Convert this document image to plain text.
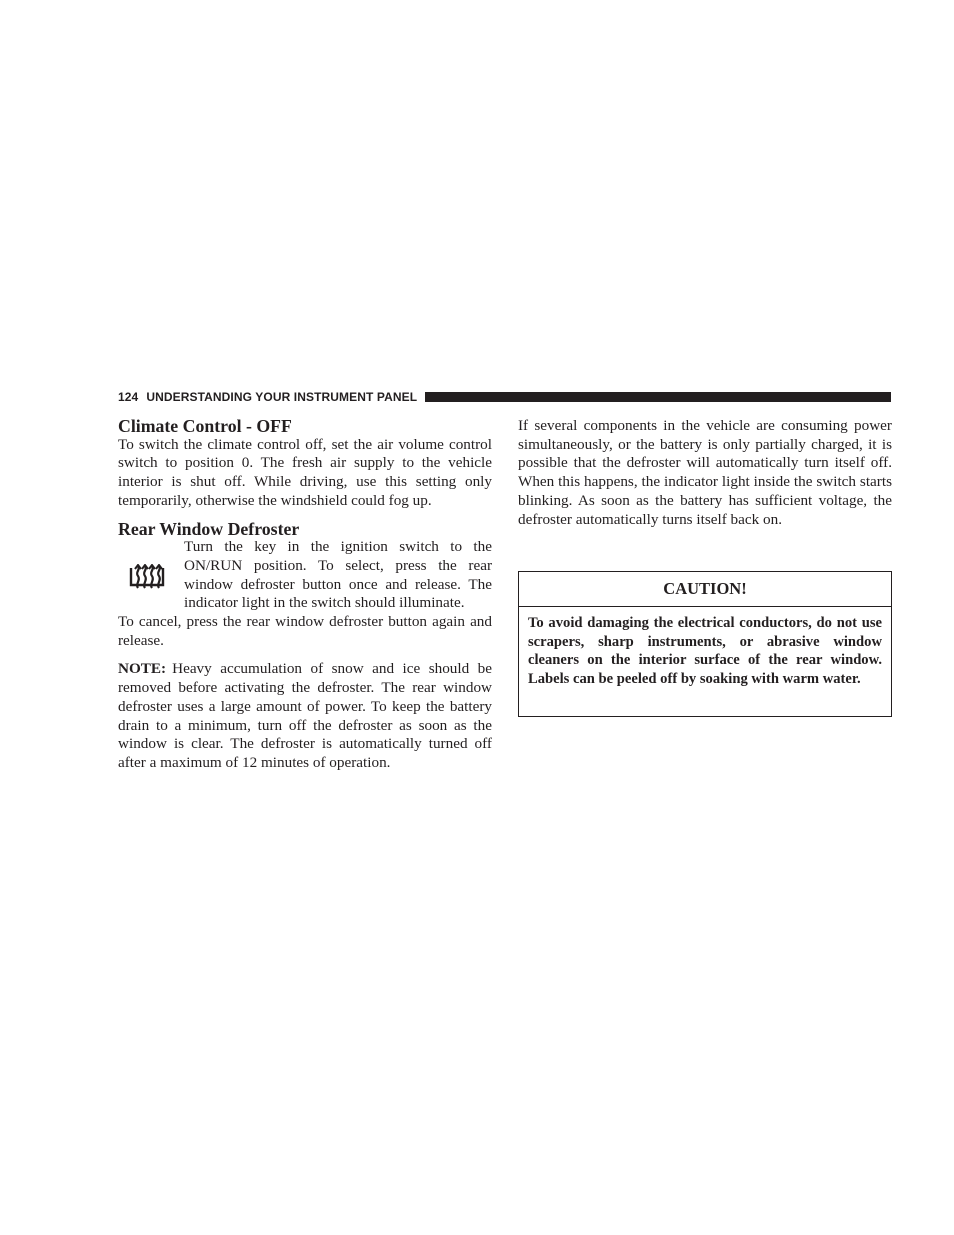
124 UNDERSTANDING YOUR INSTRUMENT PANEL
Climate Control - OFF

To switch the climate control off, set the air volume control switch to position 0. The fresh air supply to the vehicle interior is shut off. While driving, use this setting only temporarily, otherwise the windshield could fog up.

Rear Window Defroster
Turn the key in the ignition switch to the ON/RUN position. To select, press the rear window defroster button once and release. The indicator light in the switch should illuminate.

To cancel, press the rear window defroster button again and release.

NOTE: Heavy accumulation of snow and ice should be removed before activating the defroster. The rear window defroster uses a large amount of power. To keep the battery drain to a minimum, turn off the defroster as soon as the window is clear. The defroster is automatically turned off after a maximum of 12 minutes of operation.

If several components in the vehicle are consuming power simultaneously, or the battery is only partially charged, it is possible that the defroster will automatically turn itself off. When this happens, the indicator light inside the switch starts blinking. As soon as the battery has sufficient voltage, the defroster automatically turns itself back on.

CAUTION!
To avoid damaging the electrical conductors, do not use scrapers, sharp instruments, or abrasive window cleaners on the interior surface of the rear window. Labels can be peeled off by soaking with warm water.
